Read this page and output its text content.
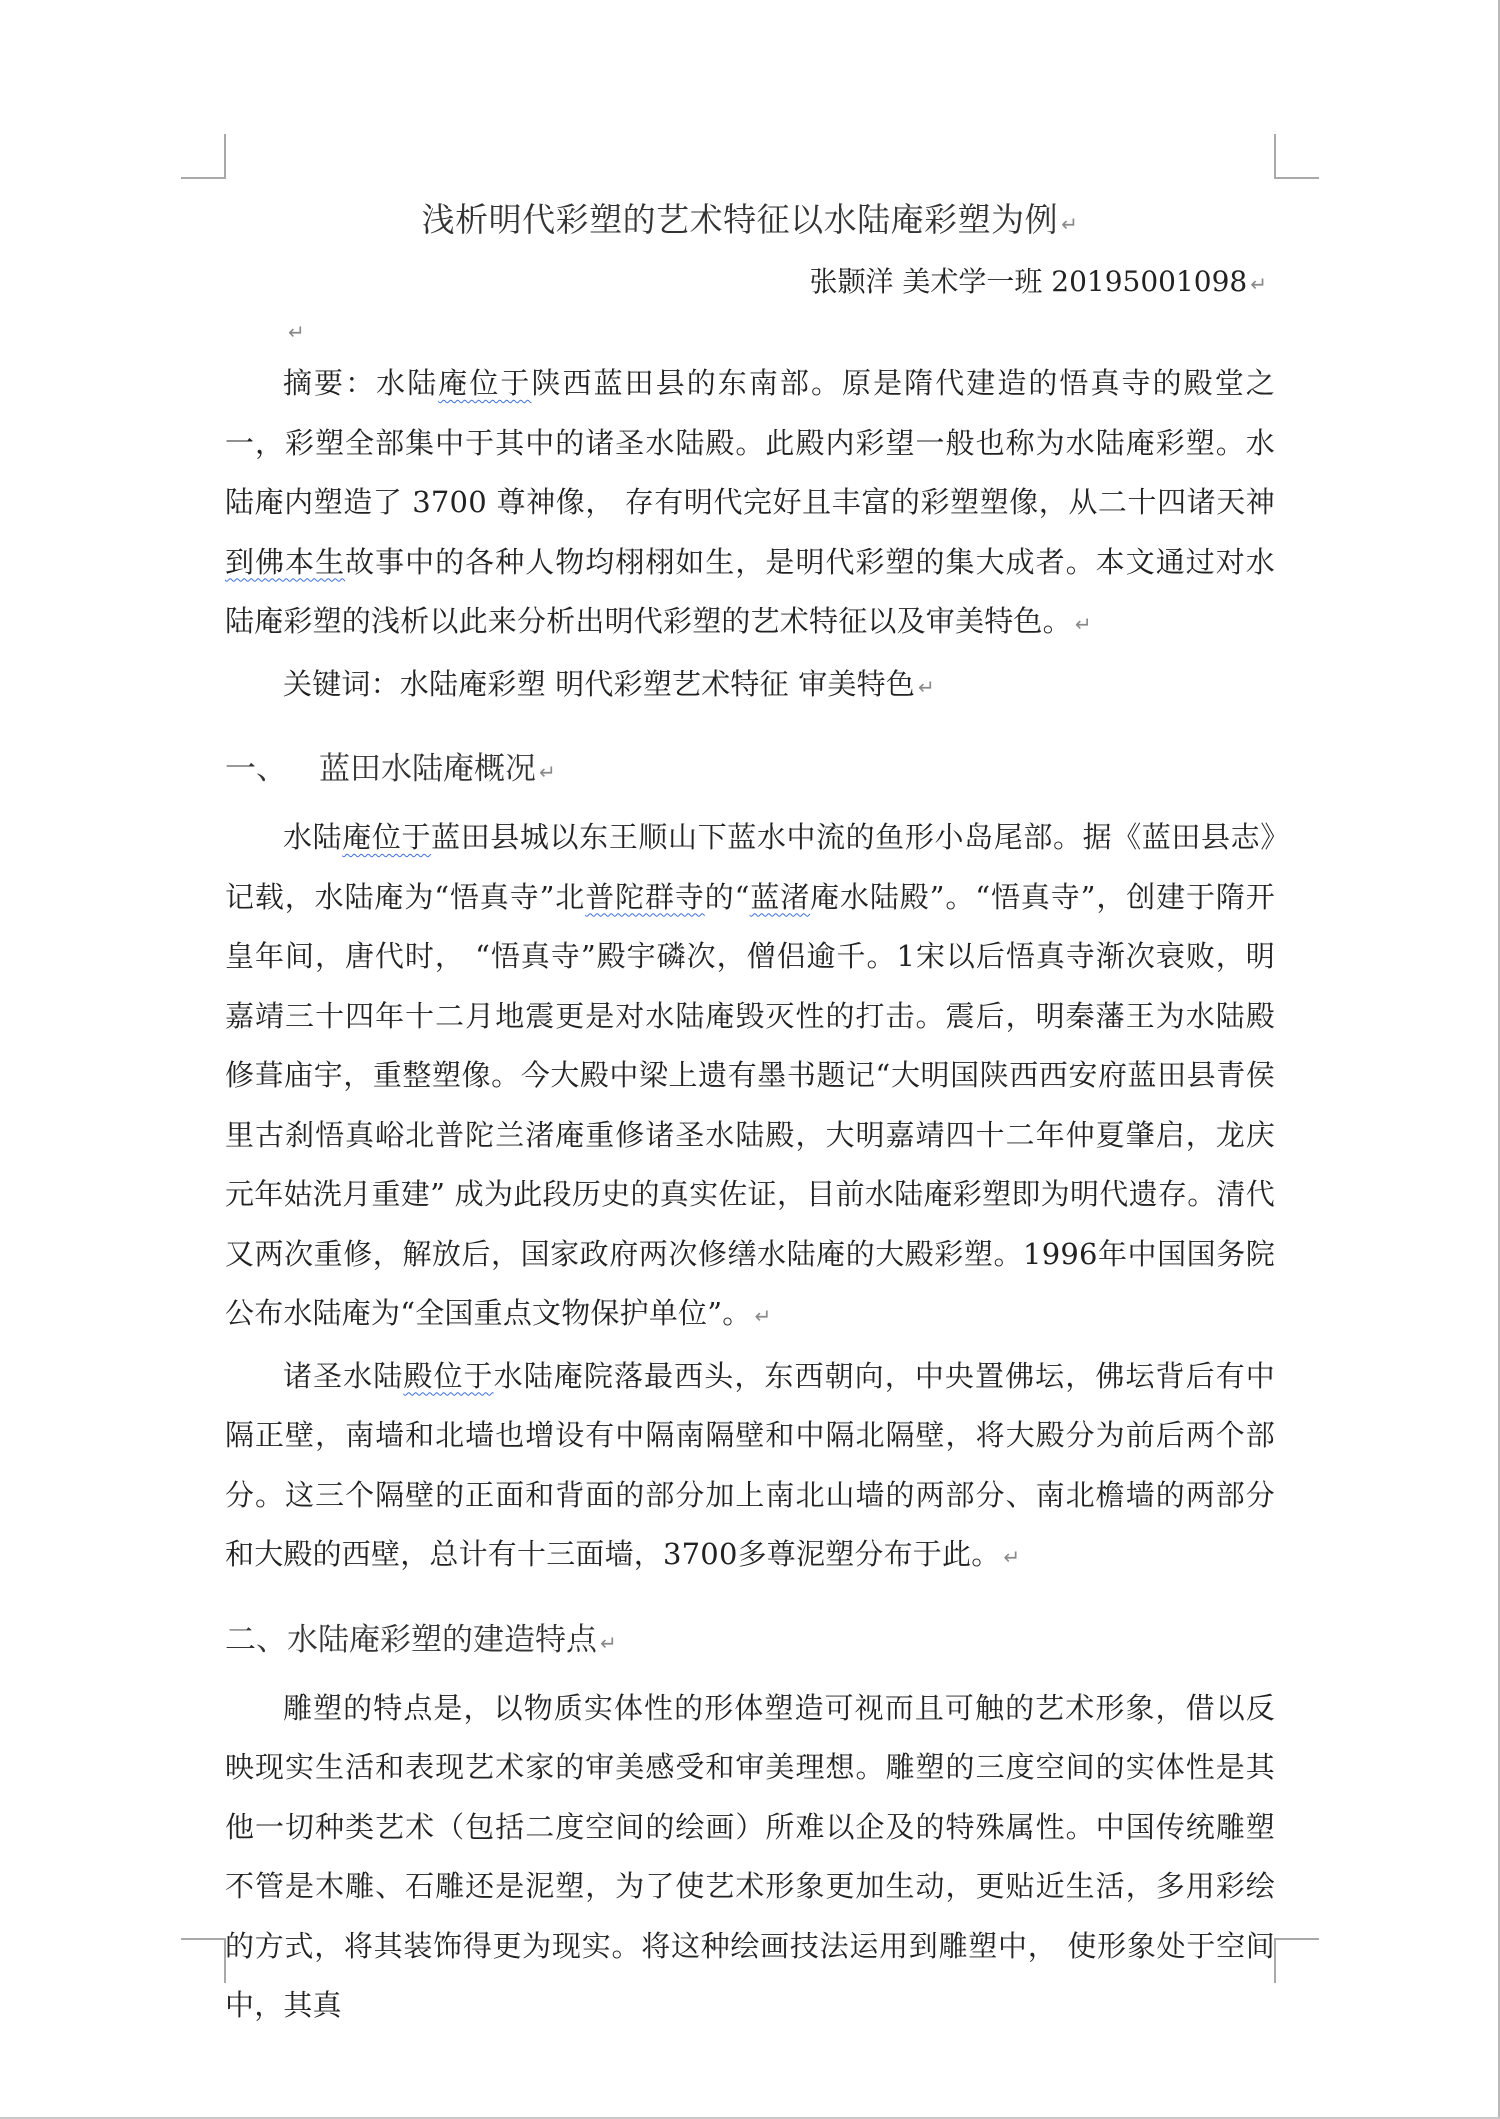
浅析明代彩塑的艺术特征以水陆庵彩塑为例 ↵

张颢洋 美术学一班 20195001098 ↵

↵

摘要：水陆庵位于陕西蓝田县的东南部。原是隋代建造的悟真寺的殿堂之一，彩塑全部集中于其中的诸圣水陆殿。此殿内彩望一般也称为水陆庵彩塑。水陆庵内塑造了 3700 尊神像， 存有明代完好且丰富的彩塑塑像，从二十四诸天神到佛本生故事中的各种人物均栩栩如生，是明代彩塑的集大成者。本文通过对水陆庵彩塑的浅析以此来分析出明代彩塑的艺术特征以及审美特色。 ↵

关键词：水陆庵彩塑 明代彩塑艺术特征 审美特色 ↵

一、 蓝田水陆庵概况 ↵

水陆庵位于蓝田县城以东王顺山下蓝水中流的鱼形小岛尾部。据《蓝田县志》记载，水陆庵为“悟真寺”北普陀群寺的“蓝渚庵水陆殿”。“悟真寺”，创建于隋开皇年间，唐代时， “悟真寺”殿宇磷次，僧侣逾千。1宋以后悟真寺渐次衰败，明嘉靖三十四年十二月地震更是对水陆庵毁灭性的打击。震后，明秦藩王为水陆殿修葺庙宇，重整塑像。今大殿中梁上遗有墨书题记“大明国陕西西安府蓝田县青侯里古刹悟真峪北普陀兰渚庵重修诸圣水陆殿，大明嘉靖四十二年仲夏肇启，龙庆元年姑洗月重建” 成为此段历史的真实佐证，目前水陆庵彩塑即为明代遗存。清代又两次重修，解放后，国家政府两次修缮水陆庵的大殿彩塑。1996年中国国务院公布水陆庵为“全国重点文物保护单位”。 ↵

诸圣水陆殿位于水陆庵院落最西头，东西朝向，中央置佛坛，佛坛背后有中隔正壁，南墙和北墙也增设有中隔南隔壁和中隔北隔壁，将大殿分为前后两个部分。这三个隔壁的正面和背面的部分加上南北山墙的两部分、南北檐墙的两部分和大殿的西壁，总计有十三面墙，3700多尊泥塑分布于此。 ↵

二、水陆庵彩塑的建造特点 ↵

雕塑的特点是，以物质实体性的形体塑造可视而且可触的艺术形象，借以反映现实生活和表现艺术家的审美感受和审美理想。雕塑的三度空间的实体性是其他一切种类艺术（包括二度空间的绘画）所难以企及的特殊属性。中国传统雕塑不管是木雕、石雕还是泥塑，为了使艺术形象更加生动，更贴近生活，多用彩绘的方式，将其装饰得更为现实。将这种绘画技法运用到雕塑中， 使形象处于空间中，其真
